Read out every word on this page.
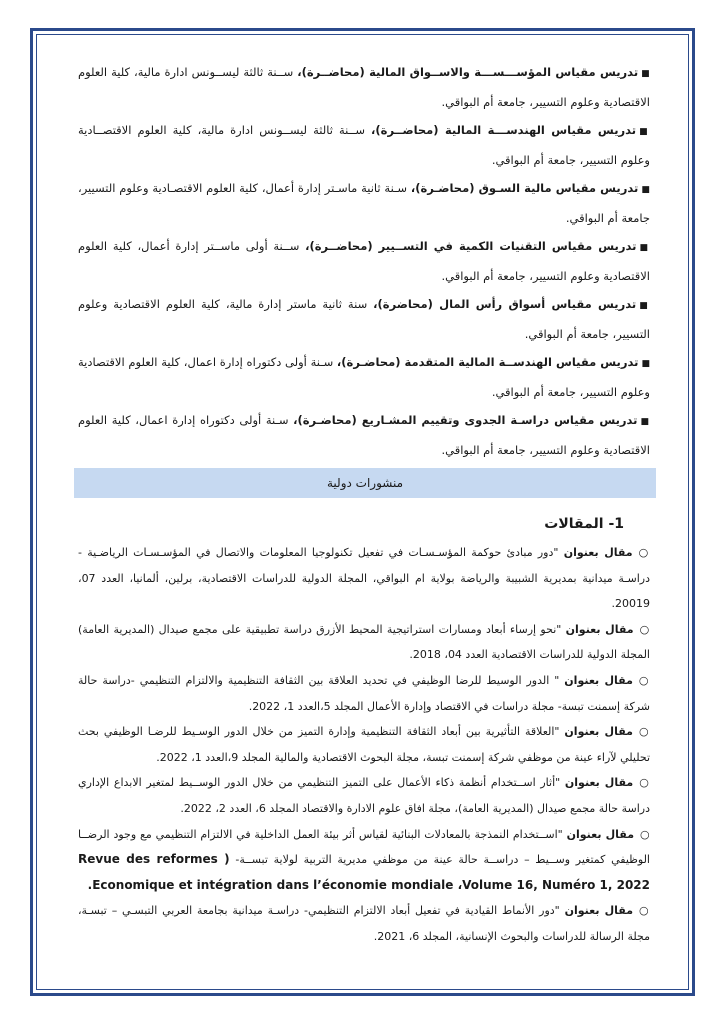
■تدريس مقياس المؤســـســـة والاســواق المالية (محاضــرة)، ســنة ثالثة ليســونس ادارة مالية، كلية العلوم الاقتصادية وعلوم التسيير، جامعة أم البواقي.

■تدريس مقياس الهندســـة المالية (محاضــرة)، ســنة ثالثة ليســونس ادارة مالية، كلية العلوم الاقتصــادية وعلوم التسيير، جامعة أم البواقي.

■تدريس مقياس مالية السـوق (محاضـرة)، سـنة ثانية ماسـتر إدارة أعمال، كلية العلوم الاقتصـادية وعلوم التسيير، جامعة أم البواقي.

■تدريس مقياس التقنيات الكمية في التســيير (محاضــرة)، ســنة أولى ماســتر إدارة أعمال، كلية العلوم الاقتصادية وعلوم التسيير، جامعة أم البواقي.

■تدريس مقياس أسواق رأس المال (محاضرة)، سنة ثانية ماستر إدارة مالية، كلية العلوم الاقتصادية وعلوم التسيير، جامعة أم البواقي.

■تدريس مقياس الهندســة المالية المتقدمة (محاضـرة)، سـنة أولى دكتوراه إدارة اعمال، كلية العلوم الاقتصادية وعلوم التسيير، جامعة أم البواقي.

■تدريس مقياس دراسـة الجدوى وتقييم المشـاريع (محاضـرة)، سـنة أولى دكتوراه إدارة اعمال، كلية العلوم الاقتصادية وعلوم التسيير، جامعة أم البواقي.

منشورات دولية
1- المقالات

○مقال بعنوان "دور مبادئ حوكمة المؤسـسـات في تفعيل تكنولوجيا المعلومات والاتصال في المؤسـسـات الرياضـية - دراسـة ميدانية بمديرية الشبيبة والرياضة بولاية ام البواقي، المجلة الدولية للدراسات الاقتصادية، برلين، ألمانيا، العدد 07، 20019.

○مقال بعنوان "نحو إرساء أبعاد ومسارات استراتيجية المحيط الأزرق دراسة تطبيقية على مجمع صيدال (المديرية العامة) المجلة الدولية للدراسات الاقتصادية العدد 04، 2018.

○مقال بعنوان " الدور الوسيط للرضا الوظيفي في تحديد العلاقة بين الثقافة التنظيمية والالتزام التنظيمي -دراسة حالة شركة إسمنت تبسة- مجلة دراسات في الاقتصاد وإدارة الأعمال المجلد 5،العدد 1، 2022.

○مقال بعنوان "العلاقة التأثيرية بين أبعاد الثقافة التنظيمية وإدارة التميز من خلال الدور الوسـيط للرضـا الوظيفي بحث تحليلي لآراء عينة من موظفي شركة إسمنت تبسة، مجلة البحوث الاقتصادية والمالية المجلد 9،العدد 1، 2022.

○مقال بعنوان "أثار اســتخدام أنظمة ذكاء الأعمال على التميز التنظيمي من خلال الدور الوســيط لمتغير الابداع الإداري دراسة حالة مجمع صيدال (المديرية العامة)، مجلة افاق علوم الادارة والاقتصاد المجلد 6، العدد 2، 2022.

○مقال بعنوان "اســتخدام النمذجة بالمعادلات البنائية لقياس أثر بيئة العمل الداخلية في الالتزام التنظيمي مع وجود الرضــا الوظيفي كمتغير وســيط – دراســة حالة عينة من موظفي مديرية التربية لولاية تبســة- ( Revue des reformes Economique et intégration dans l’économie mondiale ،Volume 16, Numéro 1, 2022.

○مقال بعنوان "دور الأنماط القيادية في تفعيل أبعاد الالتزام التنظيمي- دراسـة ميدانية بجامعة العربي التبسـي – تبسـة، مجلة الرسالة للدراسات والبحوث الإنسانية، المجلد 6، 2021.
